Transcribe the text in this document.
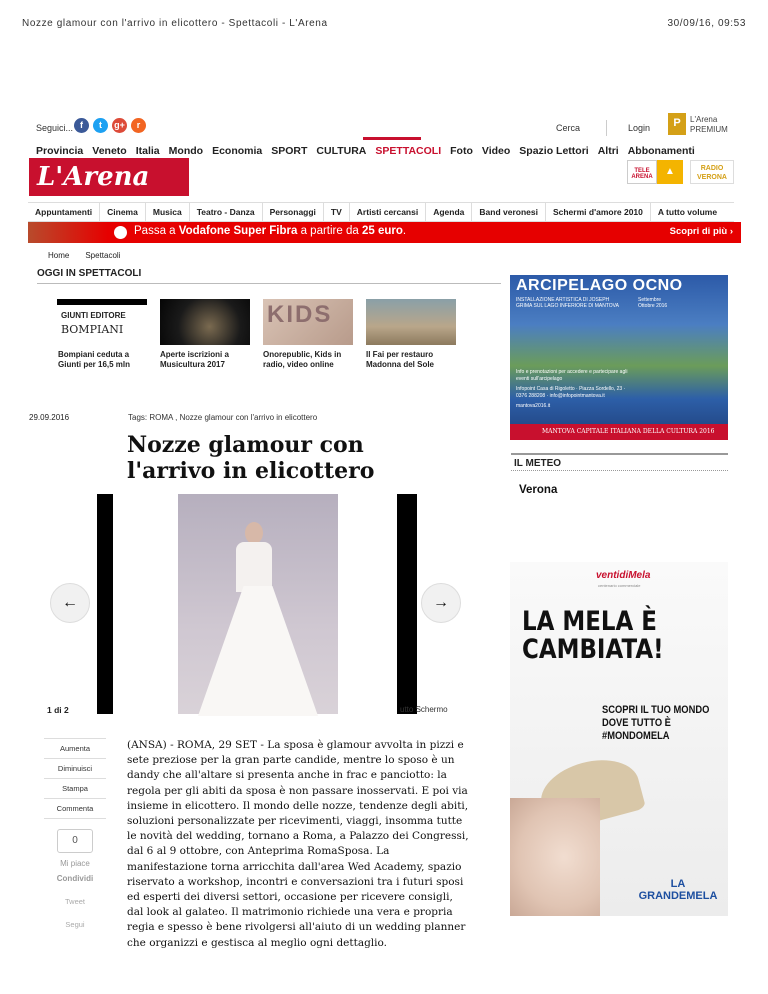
Nozze glamour con l'arrivo in elicottero - Spettacoli - L'Arena	30/09/16, 09:53
Seguici... f	t	g+	r	Cerca	Login	P	L'Arena
PREMIUM
Provincia Veneto Italia Mondo Economia SPORT CULTURA SPETTACOLI Foto Video Spazio Lettori Altri Abbonamenti
L'Arena	TELE ARENA	▲	RADIO VERONA
Appuntamenti	Cinema	Musica	Teatro - Danza	Personaggi	TV	Artisti cercansi	Agenda	Band veronesi	Schermi d'amore 2010	A tutto volume
Passa a Vodafone Super Fibra a partire da 25 euro.	Scopri di più ›
Home Spettacoli
OGGI IN SPETTACOLI
GIUNTI EDITORE
BOMPIANI
KIDS
Bompiani ceduta a Giunti per 16,5 mln
Aperte iscrizioni a Musicultura 2017
Onorepublic, Kids in radio, video online
Il Fai per restauro Madonna del Sole
29.09.2016	Tags: ROMA , Nozze glamour con l'arrivo in elicottero
Nozze glamour con l'arrivo in elicottero
←	→
1 di 2	utto Schermo
Aumenta
Diminuisci
Stampa
Commenta
0
Mi piace
Condividi
Tweet
Segui
(ANSA) - ROMA, 29 SET - La sposa è glamour avvolta in pizzi e sete preziose per la gran parte candide, mentre lo sposo è un dandy che all'altare si presenta anche in frac e panciotto: la regola per gli abiti da sposa è non passare inosservati. E poi via insieme in elicottero. Il mondo delle nozze, tendenze degli abiti, soluzioni personalizzate per ricevimenti, viaggi, insomma tutte le novità del wedding, tornano a Roma, a Palazzo dei Congressi, dal 6 al 9 ottobre, con Anteprima RomaSposa. La manifestazione torna arricchita dall'area Wed Academy, spazio riservato a workshop, incontri e conversazioni tra i futuri sposi ed esperti dei diversi settori, occasione per ricevere consigli, dal look al galateo. Il matrimonio richiede una vera e propria regia e spesso è bene rivolgersi all'aiuto di un wedding planner che organizzi e gestisca al meglio ogni dettaglio.
ARCIPELAGO OCNO
INSTALLAZIONE ARTISTICA DI JOSEPH GRIMA SUL LAGO INFERIORE DI MANTOVA
Settembre Ottobre 2016
Info e prenotazioni per accedere e partecipare agli eventi sull'arcipelago
Infopoint Casa di Rigoletto · Piazza Sordello, 23 · 0376 288208 · info@infopointmantova.it
mantova2016.it
MANTOVA CAPITALE ITALIANA DELLA CULTURA 2016
IL METEO
Verona
ventidiMela
centenario commerciale
LA MELA È CAMBIATA!
SCOPRI IL TUO MONDO DOVE TUTTO È #MONDOMELA
LA GRANDEMELA
